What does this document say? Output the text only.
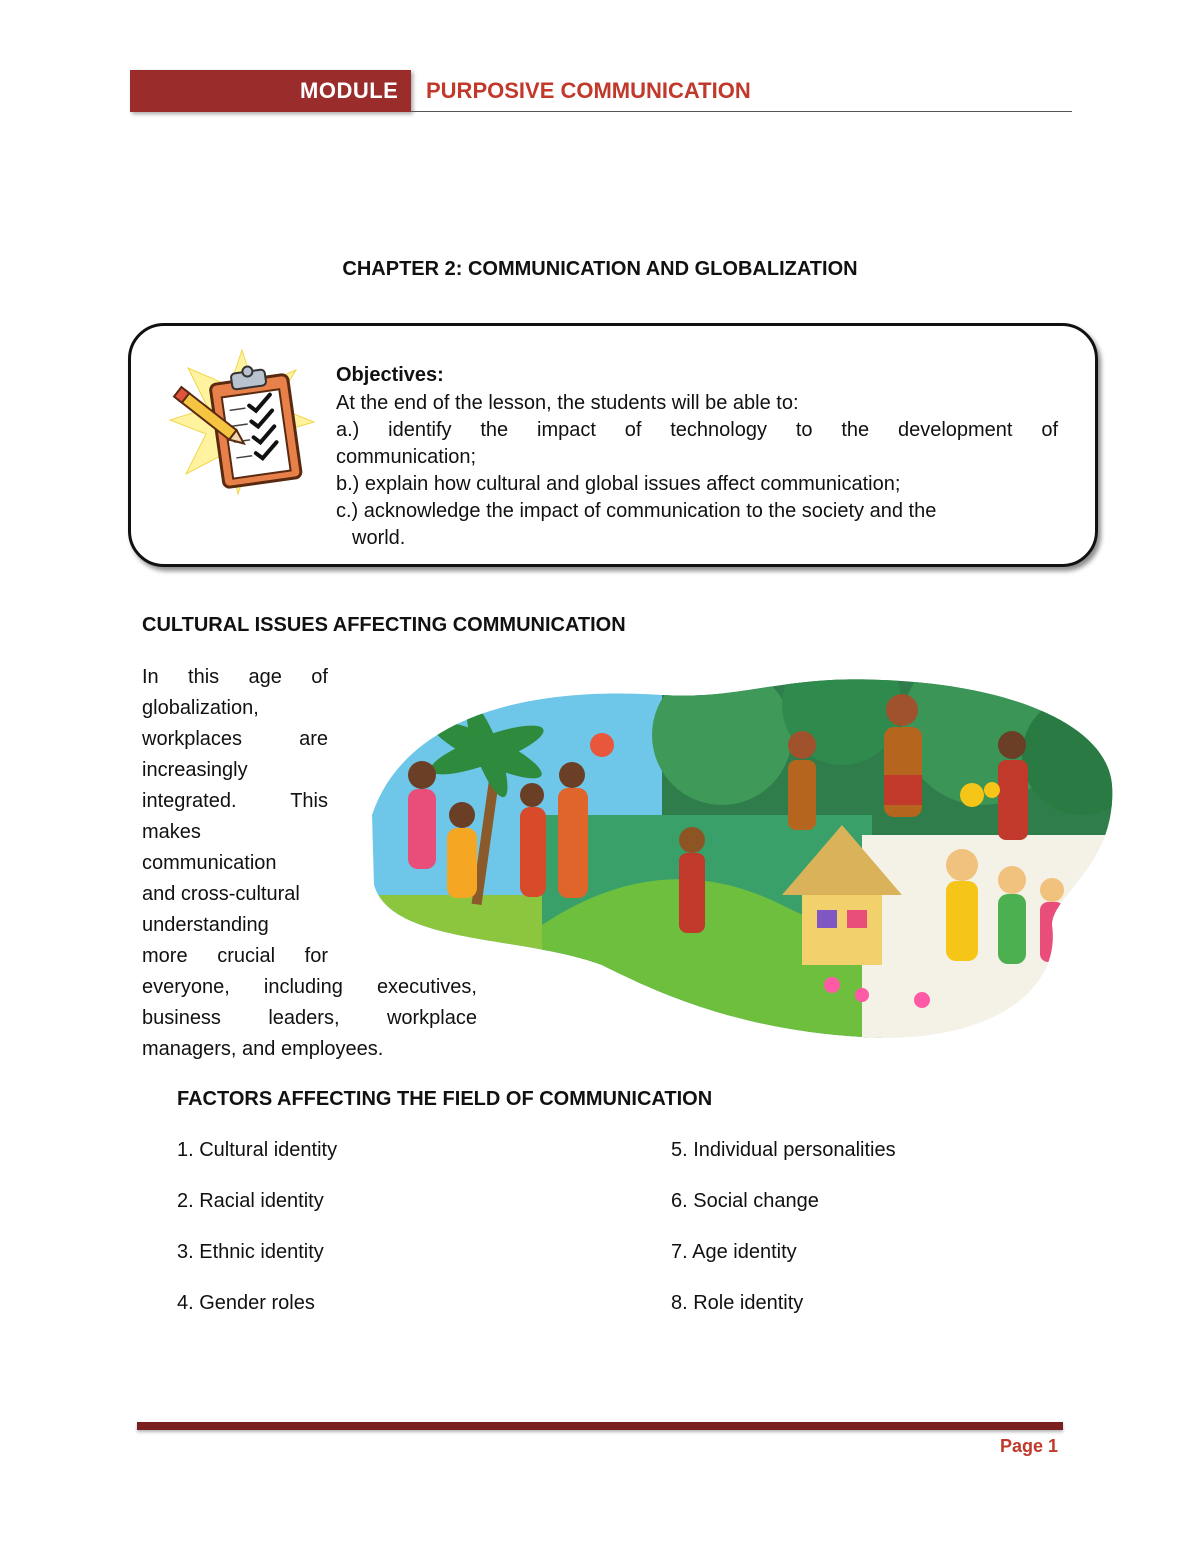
MODULE PURPOSIVE COMMUNICATION
CHAPTER 2: COMMUNICATION AND GLOBALIZATION
Objectives:
At the end of the lesson, the students will be able to:
a.) identify the impact of technology to the development of
communication;
b.) explain how cultural and global issues affect communication;
c.) acknowledge the impact of communication to the society and the
world.
CULTURAL ISSUES AFFECTING COMMUNICATION
In this age of
globalization,
workplaces are
increasingly
integrated. This
makes
communication
and cross-cultural
understanding
more crucial for
everyone, including executives,
business leaders, workplace
managers, and employees.
FACTORS AFFECTING THE FIELD OF COMMUNICATION
1. Cultural identity
2. Racial identity
3. Ethnic identity
4. Gender roles
5. Individual personalities
6. Social change
7. Age identity
8. Role identity
Page 1
